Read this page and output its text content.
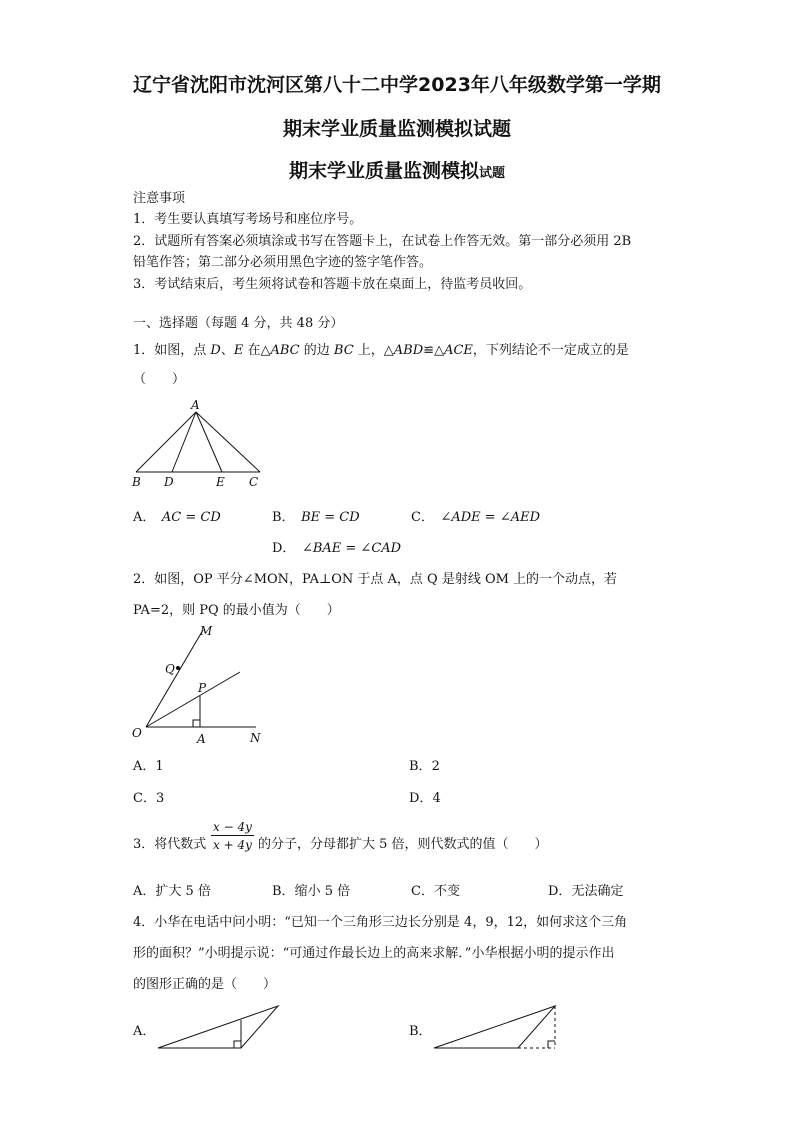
辽宁省沈阳市沈河区第八十二中学2023年八年级数学第一学期
期末学业质量监测模拟试题
期末学业质量监测模拟试题
注意事项
1．考生要认真填写考场号和座位序号。
2．试题所有答案必须填涂或书写在答题卡上，在试卷上作答无效。第一部分必须用 2B
铅笔作答；第二部分必须用黑色字迹的签字笔作答。
3．考试结束后，考生须将试卷和答题卡放在桌面上，待监考员收回。
一、选择题（每题 4 分，共 48 分）
1．如图，点 D、E 在△ABC 的边 BC 上，△ABD≌△ACE，下列结论不一定成立的是
（　　）
A
B D	E C
A．　 AC = CD	B．　 BE = CD	C．　 ∠ADE = ∠AED
D．　 ∠BAE = ∠CAD
2．如图，OP 平分∠MON，PA⊥ON 于点 A，点 Q 是射线 OM 上的一个动点，若
PA=2，则 PQ 的最小值为（　　）
M
Q
P
O	A	N
A．1	B．2
C．3	D．4
3．将代数式 $\frac{x - 4y}{x + 4y}$ 的分子，分母都扩大 5 倍，则代数式的值（　　）
A．扩大 5 倍	B．缩小 5 倍	C．不变	D．无法确定
4．小华在电话中问小明：“已知一个三角形三边长分别是 4，9，12，如何求这个三角
形的面积？”小明提示说：“可通过作最长边上的高来求解．”小华根据小明的提示作出
的图形正确的是（　　）
A．	B．
